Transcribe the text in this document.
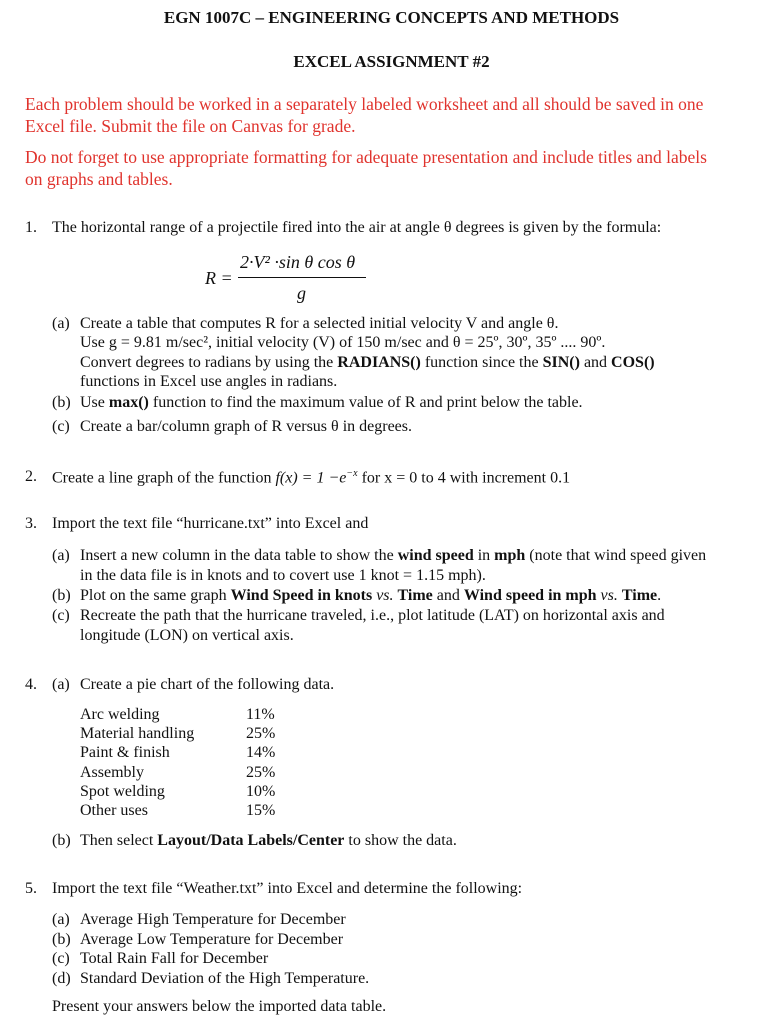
EGN 1007C – ENGINEERING CONCEPTS AND METHODS
EXCEL ASSIGNMENT #2
Each problem should be worked in a separately labeled worksheet and all should be saved in one
Excel file. Submit the file on Canvas for grade.
Do not forget to use appropriate formatting for adequate presentation and include titles and labels
on graphs and tables.
1. The horizontal range of a projectile fired into the air at angle θ degrees is given by the formula:
R =
2·V² ·sin θ cos θ
g
(a) Create a table that computes R for a selected initial velocity V and angle θ.
Use g = 9.81 m/sec², initial velocity (V) of 150 m/sec and θ = 25º, 30º, 35º .... 90º.
Convert degrees to radians by using the RADIANS() function since the SIN() and COS()
functions in Excel use angles in radians.
(b) Use max() function to find the maximum value of R and print below the table.
(c) Create a bar/column graph of R versus θ in degrees.
2. Create a line graph of the function $f(x) = 1 -e^{-x}$ for x = 0 to 4 with increment 0.1
3. Import the text file “hurricane.txt” into Excel and
(a) Insert a new column in the data table to show the wind speed in mph (note that wind speed given
in the data file is in knots and to covert use 1 knot = 1.15 mph).
(b) Plot on the same graph Wind Speed in knots vs. Time and Wind speed in mph vs. Time.
(c) Recreate the path that the hurricane traveled, i.e., plot latitude (LAT) on horizontal axis and
longitude (LON) on vertical axis.
4. (a) Create a pie chart of the following data.
Arc welding	11%
Material handling	25%
Paint & finish	14%
Assembly	25%
Spot welding	10%
Other uses	15%
(b) Then select Layout/Data Labels/Center to show the data.
5. Import the text file “Weather.txt” into Excel and determine the following:
(a) Average High Temperature for December
(b) Average Low Temperature for December
(c) Total Rain Fall for December
(d) Standard Deviation of the High Temperature.
Present your answers below the imported data table.
